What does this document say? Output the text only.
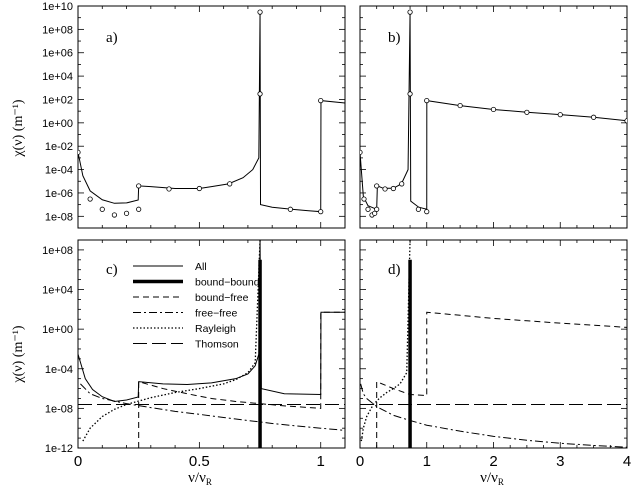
1e+10
1e+08
1e+06
1e+04
1e+02
1e+00
1e-02
1e-04
1e-06
1e-08
a)	b)
1e+08
1e+04
1e+00
1e-04
1e-08
1e-12
0	0.5	1
c)	All
bound−bound
bound−free
free−free
Rayleigh
Thomson
0	1	2	3	4
d)
χ(ν) (m⁻¹)
χ(ν) (m⁻¹)
$\nu/\nu_R$	$\nu/\nu_R$
